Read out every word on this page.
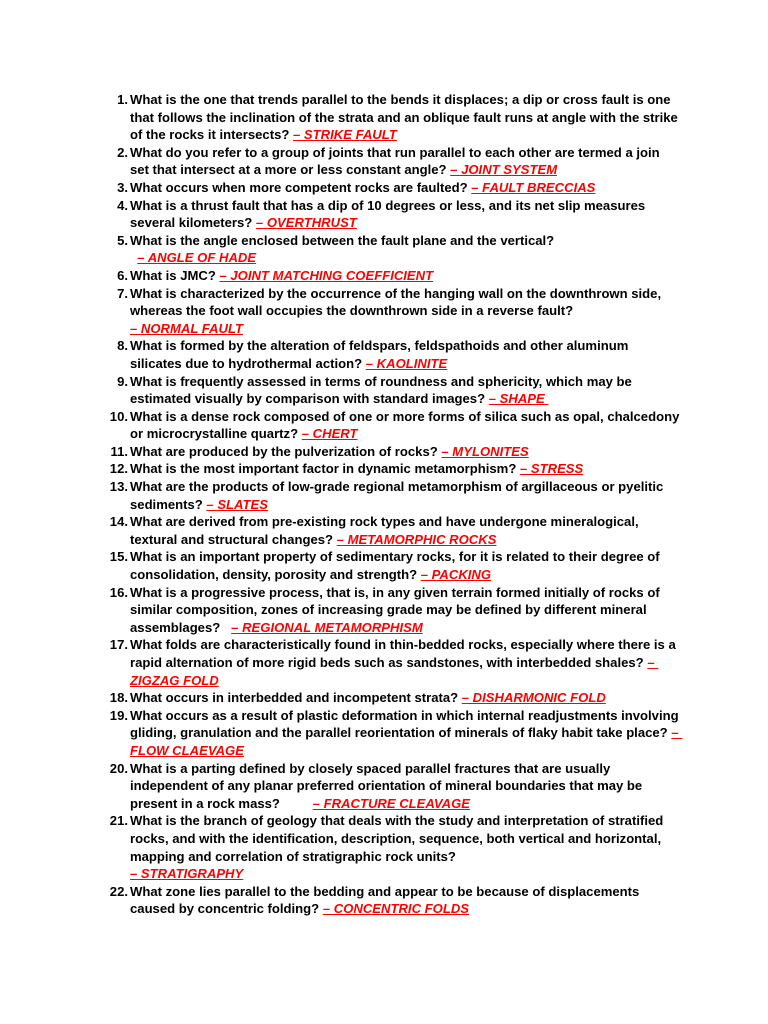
1. What is the one that trends parallel to the bends it displaces; a dip or cross fault is one that follows the inclination of the strata and an oblique fault runs at angle with the strike of the rocks it intersects? – STRIKE FAULT
2. What do you refer to a group of joints that run parallel to each other are termed a join set that intersect at a more or less constant angle? – JOINT SYSTEM
3. What occurs when more competent rocks are faulted? – FAULT BRECCIAS
4. What is a thrust fault that has a dip of 10 degrees or less, and its net slip measures several kilometers? – OVERTHRUST
5. What is the angle enclosed between the fault plane and the vertical?
– ANGLE OF HADE
6. What is JMC? – JOINT MATCHING COEFFICIENT
7. What is characterized by the occurrence of the hanging wall on the downthrown side, whereas the foot wall occupies the downthrown side in a reverse fault?
– NORMAL FAULT
8. What is formed by the alteration of feldspars, feldspathoids and other aluminum silicates due to hydrothermal action? – KAOLINITE
9. What is frequently assessed in terms of roundness and sphericity, which may be estimated visually by comparison with standard images? – SHAPE
10. What is a dense rock composed of one or more forms of silica such as opal, chalcedony or microcrystalline quartz? – CHERT
11. What are produced by the pulverization of rocks? – MYLONITES
12. What is the most important factor in dynamic metamorphism? – STRESS
13. What are the products of low-grade regional metamorphism of argillaceous or pyelitic sediments? – SLATES
14. What are derived from pre-existing rock types and have undergone mineralogical, textural and structural changes? – METAMORPHIC ROCKS
15. What is an important property of sedimentary rocks, for it is related to their degree of consolidation, density, porosity and strength? – PACKING
16. What is a progressive process, that is, in any given terrain formed initially of rocks of similar composition, zones of increasing grade may be defined by different mineral assemblages?   – REGIONAL METAMORPHISM
17. What folds are characteristically found in thin-bedded rocks, especially where there is a rapid alternation of more rigid beds such as sandstones, with interbedded shales? – ZIGZAG FOLD
18. What occurs in interbedded and incompetent strata? – DISHARMONIC FOLD
19. What occurs as a result of plastic deformation in which internal readjustments involving gliding, granulation and the parallel reorientation of minerals of flaky habit take place? – FLOW CLAEVAGE
20. What is a parting defined by closely spaced parallel fractures that are usually independent of any planar preferred orientation of mineral boundaries that may be present in a rock mass?         – FRACTURE CLEAVAGE
21. What is the branch of geology that deals with the study and interpretation of stratified rocks, and with the identification, description, sequence, both vertical and horizontal, mapping and correlation of stratigraphic rock units?
– STRATIGRAPHY
22. What zone lies parallel to the bedding and appear to be because of displacements caused by concentric folding? – CONCENTRIC FOLDS
